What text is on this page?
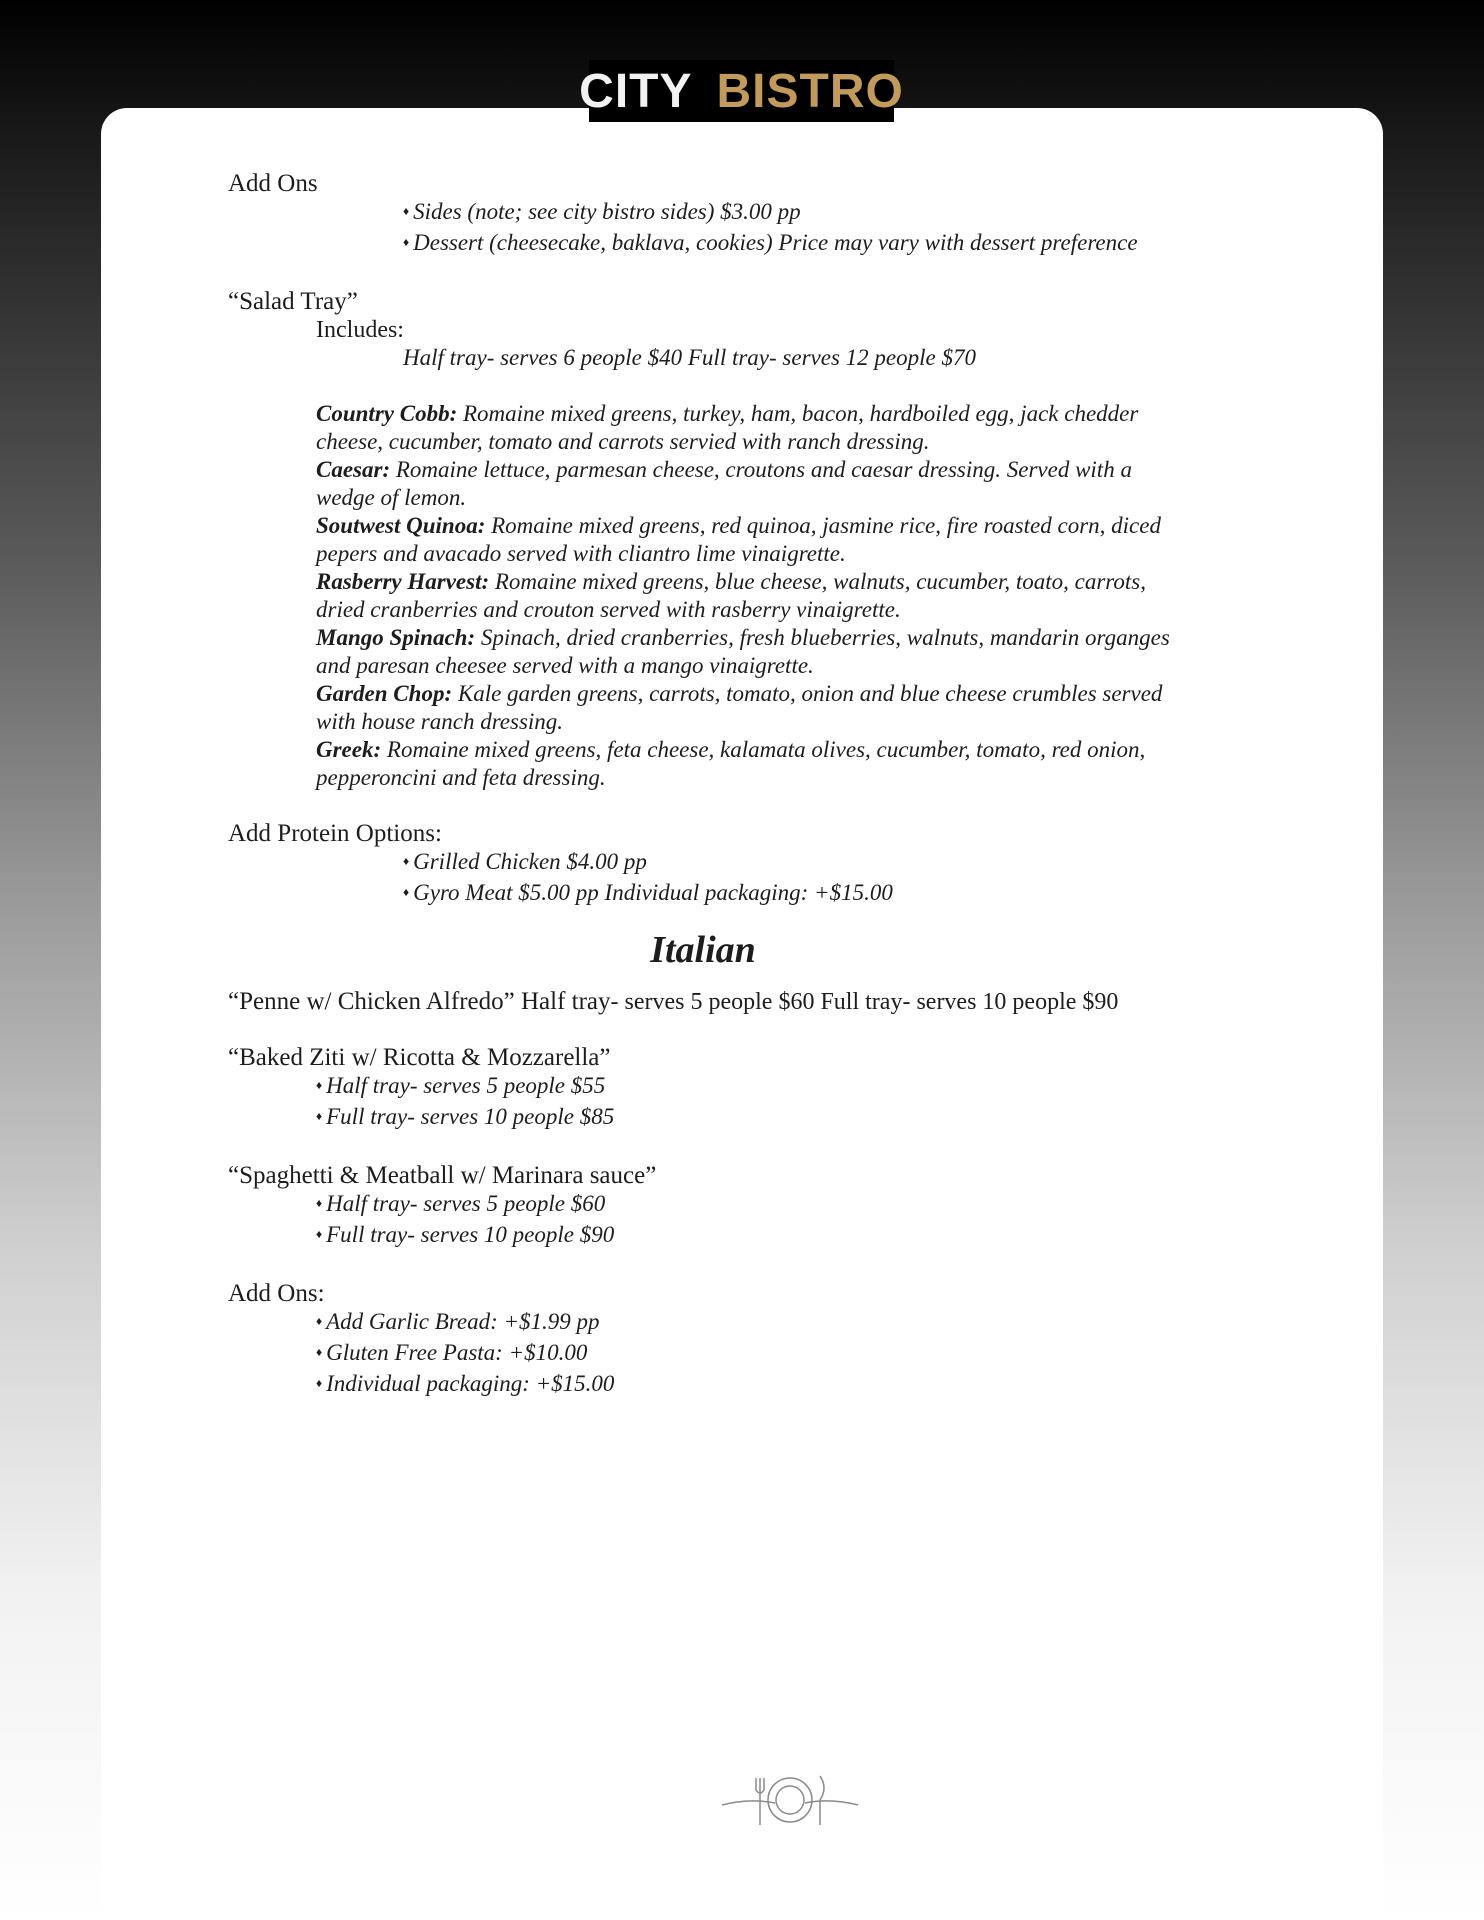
CITY BISTRO
Add Ons
♦ Sides (note; see city bistro sides) $3.00 pp
♦ Dessert (cheesecake, baklava, cookies) Price may vary with dessert preference
“Salad Tray”
Includes:
Half tray- serves 6 people $40 Full tray- serves 12 people $70

Country Cobb: Romaine mixed greens, turkey, ham, bacon, hardboiled egg, jack chedder cheese, cucumber, tomato and carrots servied with ranch dressing.

Caesar: Romaine lettuce, parmesan cheese, croutons and caesar dressing. Served with a wedge of lemon.

Soutwest Quinoa: Romaine mixed greens, red quinoa, jasmine rice, fire roasted corn, diced pepers and avacado served with cliantro lime vinaigrette.

Rasberry Harvest: Romaine mixed greens, blue cheese, walnuts, cucumber, toato, carrots, dried cranberries and crouton served with rasberry vinaigrette.

Mango Spinach: Spinach, dried cranberries, fresh blueberries, walnuts, mandarin organges and paresan cheesee served with a mango vinaigrette.

Garden Chop: Kale garden greens, carrots, tomato, onion and blue cheese crumbles served with house ranch dressing.

Greek: Romaine mixed greens, feta cheese, kalamata olives, cucumber, tomato, red onion, pepperoncini and feta dressing.

Add Protein Options:
♦ Grilled Chicken $4.00 pp
♦ Gyro Meat $5.00 pp Individual packaging: +$15.00
Italian
“Penne w/ Chicken Alfredo” Half tray- serves 5 people $60 Full tray- serves 10 people $90
“Baked Ziti w/ Ricotta & Mozzarella”
♦ Half tray- serves 5 people $55
♦ Full tray- serves 10 people $85
“Spaghetti & Meatball w/ Marinara sauce”
♦ Half tray- serves 5 people $60
♦ Full tray- serves 10 people $90
Add Ons:
♦ Add Garlic Bread: +$1.99 pp
♦ Gluten Free Pasta: +$10.00
♦ Individual packaging: +$15.00
